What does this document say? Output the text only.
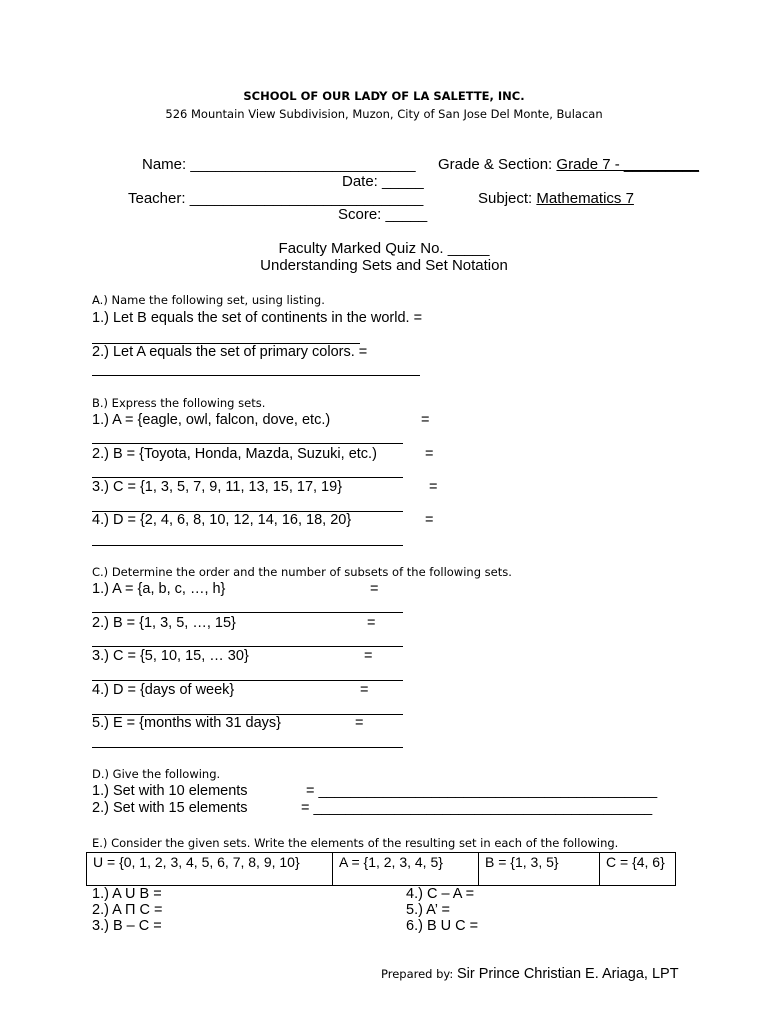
SCHOOL OF OUR LADY OF LA SALETTE, INC.
526 Mountain View Subdivision, Muzon, City of San Jose Del Monte, Bulacan
Name: ___________________________ Grade & Section: Grade 7 - _________
Date: _____
Teacher: ____________________________	Subject: Mathematics 7
Score: _____
Faculty Marked Quiz No. _____
Understanding Sets and Set Notation
A.) Name the following set, using listing.
1.) Let B equals the set of continents in the world. =
2.) Let A equals the set of primary colors. =
B.) Express the following sets.
1.) A = {eagle, owl, falcon, dove, etc.)	=
2.) B = {Toyota, Honda, Mazda, Suzuki, etc.)	=
3.) C = {1, 3, 5, 7, 9, 11, 13, 15, 17, 19}	=
4.) D = {2, 4, 6, 8, 10, 12, 14, 16, 18, 20}	=
C.) Determine the order and the number of subsets of the following sets.
1.) A = {a, b, c, …, h}	=
2.) B = {1, 3, 5, …, 15}	=
3.) C = {5, 10, 15, … 30}	=
4.) D = {days of week}	=
5.) E = {months with 31 days}	=
D.) Give the following.
1.) Set with 10 elements	= __________________________________________
2.) Set with 15 elements	= __________________________________________
E.) Consider the given sets. Write the elements of the resulting set in each of the following.
U = {0, 1, 2, 3, 4, 5, 6, 7, 8, 9, 10}	A = {1, 2, 3, 4, 5}	B = {1, 3, 5}	C = {4, 6}
1.) A U B =
2.) A Π C =
3.) B – C =
4.) C – A =
5.) A’ =
6.) B U C =
Prepared by: Sir Prince Christian E. Ariaga, LPT
